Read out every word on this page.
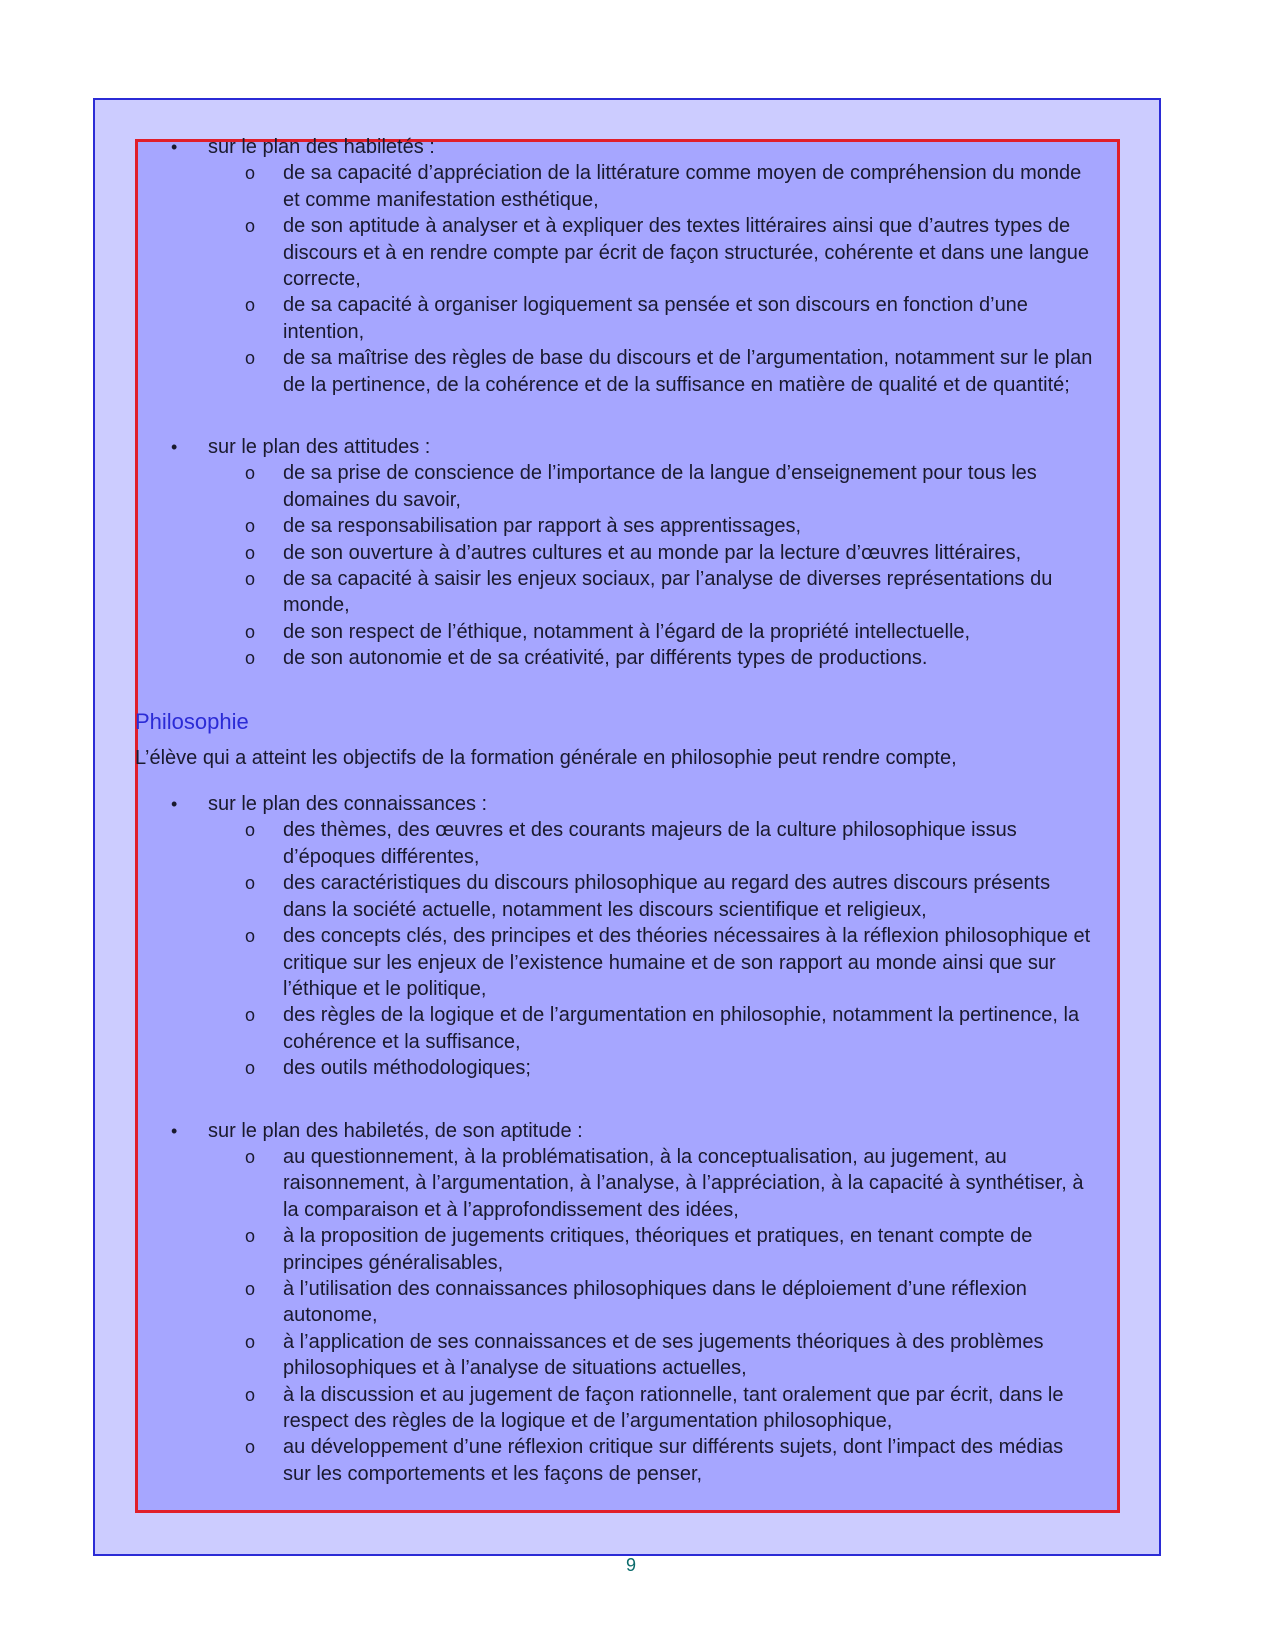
• sur le plan des habiletés :
o de sa capacité d’appréciation de la littérature comme moyen de compréhension du monde et comme manifestation esthétique,
o de son aptitude à analyser et à expliquer des textes littéraires ainsi que d’autres types de discours et à en rendre compte par écrit de façon structurée, cohérente et dans une langue correcte,
o de sa capacité à organiser logiquement sa pensée et son discours en fonction d’une intention,
o de sa maîtrise des règles de base du discours et de l’argumentation, notamment sur le plan de la pertinence, de la cohérence et de la suffisance en matière de qualité et de quantité;
• sur le plan des attitudes :
o de sa prise de conscience de l’importance de la langue d’enseignement pour tous les domaines du savoir,
o de sa responsabilisation par rapport à ses apprentissages,
o de son ouverture à d’autres cultures et au monde par la lecture d’œuvres littéraires,
o de sa capacité à saisir les enjeux sociaux, par l’analyse de diverses représentations du monde,
o de son respect de l’éthique, notamment à l’égard de la propriété intellectuelle,
o de son autonomie et de sa créativité, par différents types de productions.
Philosophie
L’élève qui a atteint les objectifs de la formation générale en philosophie peut rendre compte,
• sur le plan des connaissances :
o des thèmes, des œuvres et des courants majeurs de la culture philosophique issus d’époques différentes,
o des caractéristiques du discours philosophique au regard des autres discours présents dans la société actuelle, notamment les discours scientifique et religieux,
o des concepts clés, des principes et des théories nécessaires à la réflexion philosophique et critique sur les enjeux de l’existence humaine et de son rapport au monde ainsi que sur l’éthique et le politique,
o des règles de la logique et de l’argumentation en philosophie, notamment la pertinence, la cohérence et la suffisance,
o des outils méthodologiques;
• sur le plan des habiletés, de son aptitude :
o au questionnement, à la problématisation, à la conceptualisation, au jugement, au raisonnement, à l’argumentation, à l’analyse, à l’appréciation, à la capacité à synthétiser, à la comparaison et à l’approfondissement des idées,
o à la proposition de jugements critiques, théoriques et pratiques, en tenant compte de principes généralisables,
o à l’utilisation des connaissances philosophiques dans le déploiement d’une réflexion autonome,
o à l’application de ses connaissances et de ses jugements théoriques à des problèmes philosophiques et à l’analyse de situations actuelles,
o à la discussion et au jugement de façon rationnelle, tant oralement que par écrit, dans le respect des règles de la logique et de l’argumentation philosophique,
o au développement d’une réflexion critique sur différents sujets, dont l’impact des médias sur les comportements et les façons de penser,
9
